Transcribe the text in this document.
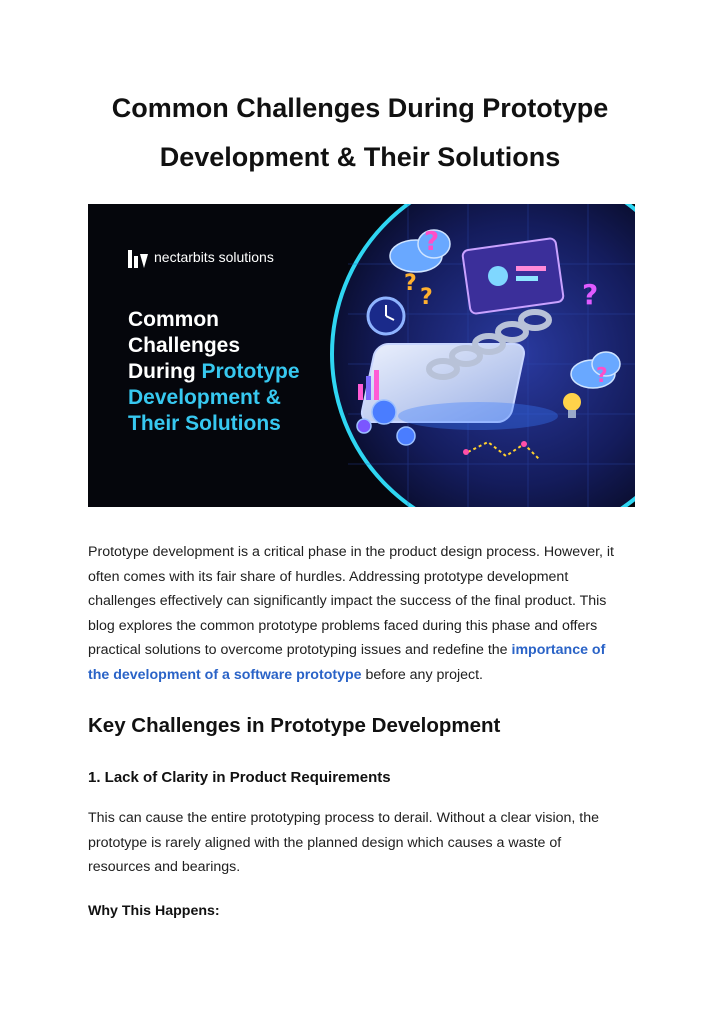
Common Challenges During Prototype
Development & Their Solutions
?
?
?	?
?
nectarbits solutions
Common
Challenges
During Prototype
Development &
Their Solutions

Prototype development is a critical phase in the product design process. However, it

often comes with its fair share of hurdles. Addressing prototype development

challenges effectively can significantly impact the success of the final product. This

blog explores the common prototype problems faced during this phase and offers

practical solutions to overcome prototyping issues and redefine the importance of

the development of a software prototype before any project.

Key Challenges in Prototype Development
1. Lack of Clarity in Product Requirements

This can cause the entire prototyping process to derail. Without a clear vision, the

prototype is rarely aligned with the planned design which causes a waste of

resources and bearings.

Why This Happens:
